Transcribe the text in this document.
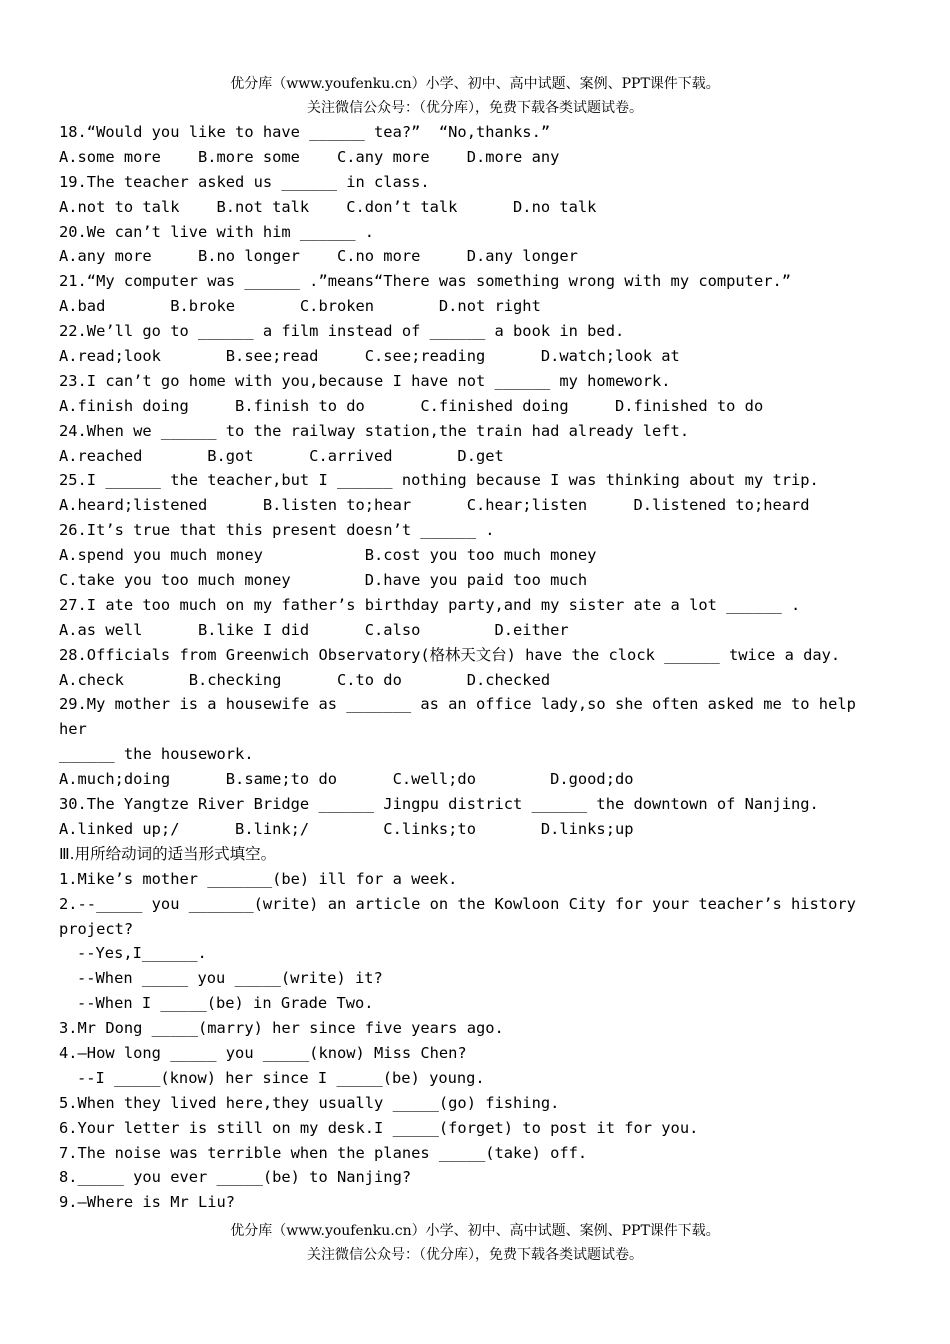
优分库（www.youfenku.cn）小学、初中、高中试题、案例、PPT课件下载。
关注微信公众号：（优分库），免费下载各类试题试卷。
18.“Would you like to have ______ tea?”  “No,thanks.”
A.some more    B.more some    C.any more    D.more any
19.The teacher asked us ______ in class.
A.not to talk    B.not talk    C.don’t talk      D.no talk
20.We can’t live with him ______ .
A.any more     B.no longer    C.no more     D.any longer
21.“My computer was ______ .”means“There was something wrong with my computer.”
A.bad       B.broke       C.broken       D.not right
22.We’ll go to ______ a film instead of ______ a book in bed.
A.read;look       B.see;read     C.see;reading      D.watch;look at
23.I can’t go home with you,because I have not ______ my homework.
A.finish doing     B.finish to do      C.finished doing     D.finished to do
24.When we ______ to the railway station,the train had already left.
A.reached       B.got      C.arrived       D.get
25.I ______ the teacher,but I ______ nothing because I was thinking about my trip.
A.heard;listened      B.listen to;hear      C.hear;listen     D.listened to;heard
26.It’s true that this present doesn’t ______ .
A.spend you much money           B.cost you too much money
C.take you too much money        D.have you paid too much
27.I ate too much on my father’s birthday party,and my sister ate a lot ______ .
A.as well      B.like I did      C.also        D.either
28.Officials from Greenwich Observatory(格林天文台) have the clock ______ twice a day.
A.check       B.checking      C.to do       D.checked
29.My mother is a housewife as _______ as an office lady,so she often asked me to help
her
______ the housework.
A.much;doing      B.same;to do      C.well;do        D.good;do
30.The Yangtze River Bridge ______ Jingpu district ______ the downtown of Nanjing.
A.linked up;/      B.link;/        C.links;to       D.links;up
Ⅲ.用所给动词的适当形式填空。
1.Mike’s mother _______(be) ill for a week.
2.--_____ you _______(write) an article on the Kowloon City for your teacher’s history
project?
--Yes,I______.
--When _____ you _____(write) it?
--When I _____(be) in Grade Two.
3.Mr Dong _____(marry) her since five years ago.
4.—How long _____ you _____(know) Miss Chen?
--I _____(know) her since I _____(be) young.
5.When they lived here,they usually _____(go) fishing.
6.Your letter is still on my desk.I _____(forget) to post it for you.
7.The noise was terrible when the planes _____(take) off.
8._____ you ever _____(be) to Nanjing?
9.—Where is Mr Liu?
优分库（www.youfenku.cn）小学、初中、高中试题、案例、PPT课件下载。
关注微信公众号：（优分库），免费下载各类试题试卷。
